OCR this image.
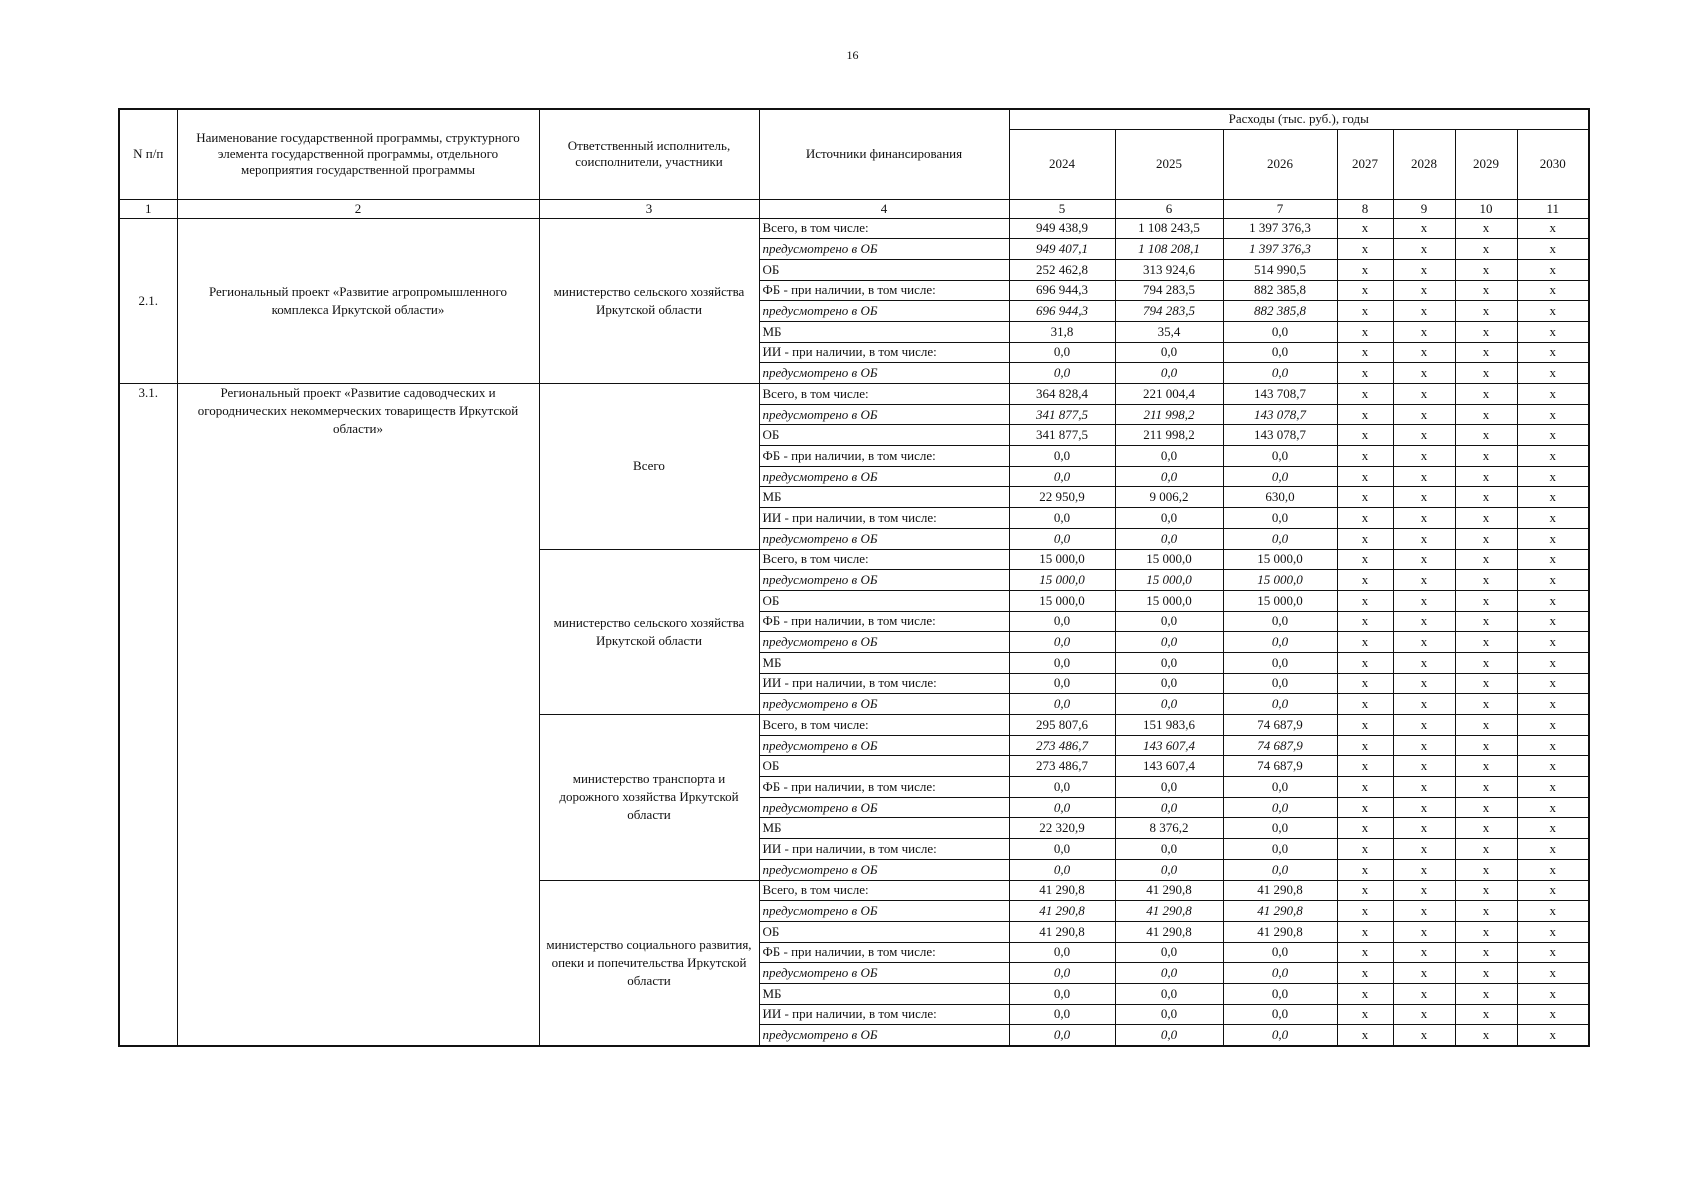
16
N п/п	Наименование государственной программы, структурного элемента государственной программы, отдельного мероприятия государственной программы	Ответственный исполнитель, соисполнители, участники	Источники финансирования	Расходы (тыс. руб.), годы						
				2024	2025	2026	2027	2028	2029	2030
1	2	3	4	5	6	7	8	9	10	11
2.1.	Региональный проект «Развитие агропромышленного комплекса Иркутской области»	министерство сельского хозяйства Иркутской области	Всего, в том числе:	949 438,9	1 108 243,5	1 397 376,3	x	x	x	x
			предусмотрено в ОБ	949 407,1	1 108 208,1	1 397 376,3	x	x	x	x
			ОБ	252 462,8	313 924,6	514 990,5	x	x	x	x
			ФБ - при наличии, в том числе:	696 944,3	794 283,5	882 385,8	x	x	x	x
			предусмотрено в ОБ	696 944,3	794 283,5	882 385,8	x	x	x	x
			МБ	31,8	35,4	0,0	x	x	x	x
			ИИ - при наличии, в том числе:	0,0	0,0	0,0	x	x	x	x
			предусмотрено в ОБ	0,0	0,0	0,0	x	x	x	x
3.1.	Региональный проект «Развитие садоводческих и огороднических некоммерческих товариществ Иркутской области»	Всего	Всего, в том числе:	364 828,4	221 004,4	143 708,7	x	x	x	x
			предусмотрено в ОБ	341 877,5	211 998,2	143 078,7	x	x	x	x
			ОБ	341 877,5	211 998,2	143 078,7	x	x	x	x
			ФБ - при наличии, в том числе:	0,0	0,0	0,0	x	x	x	x
			предусмотрено в ОБ	0,0	0,0	0,0	x	x	x	x
			МБ	22 950,9	9 006,2	630,0	x	x	x	x
			ИИ - при наличии, в том числе:	0,0	0,0	0,0	x	x	x	x
			предусмотрено в ОБ	0,0	0,0	0,0	x	x	x	x
		министерство сельского хозяйства Иркутской области	Всего, в том числе:	15 000,0	15 000,0	15 000,0	x	x	x	x
			предусмотрено в ОБ	15 000,0	15 000,0	15 000,0	x	x	x	x
			ОБ	15 000,0	15 000,0	15 000,0	x	x	x	x
			ФБ - при наличии, в том числе:	0,0	0,0	0,0	x	x	x	x
			предусмотрено в ОБ	0,0	0,0	0,0	x	x	x	x
			МБ	0,0	0,0	0,0	x	x	x	x
			ИИ - при наличии, в том числе:	0,0	0,0	0,0	x	x	x	x
			предусмотрено в ОБ	0,0	0,0	0,0	x	x	x	x
		министерство транспорта и дорожного хозяйства Иркутской области	Всего, в том числе:	295 807,6	151 983,6	74 687,9	x	x	x	x
			предусмотрено в ОБ	273 486,7	143 607,4	74 687,9	x	x	x	x
			ОБ	273 486,7	143 607,4	74 687,9	x	x	x	x
			ФБ - при наличии, в том числе:	0,0	0,0	0,0	x	x	x	x
			предусмотрено в ОБ	0,0	0,0	0,0	x	x	x	x
			МБ	22 320,9	8 376,2	0,0	x	x	x	x
			ИИ - при наличии, в том числе:	0,0	0,0	0,0	x	x	x	x
			предусмотрено в ОБ	0,0	0,0	0,0	x	x	x	x
		министерство социального развития, опеки и попечительства Иркутской области	Всего, в том числе:	41 290,8	41 290,8	41 290,8	x	x	x	x
			предусмотрено в ОБ	41 290,8	41 290,8	41 290,8	x	x	x	x
			ОБ	41 290,8	41 290,8	41 290,8	x	x	x	x
			ФБ - при наличии, в том числе:	0,0	0,0	0,0	x	x	x	x
			предусмотрено в ОБ	0,0	0,0	0,0	x	x	x	x
			МБ	0,0	0,0	0,0	x	x	x	x
			ИИ - при наличии, в том числе:	0,0	0,0	0,0	x	x	x	x
			предусмотрено в ОБ	0,0	0,0	0,0	x	x	x	x
